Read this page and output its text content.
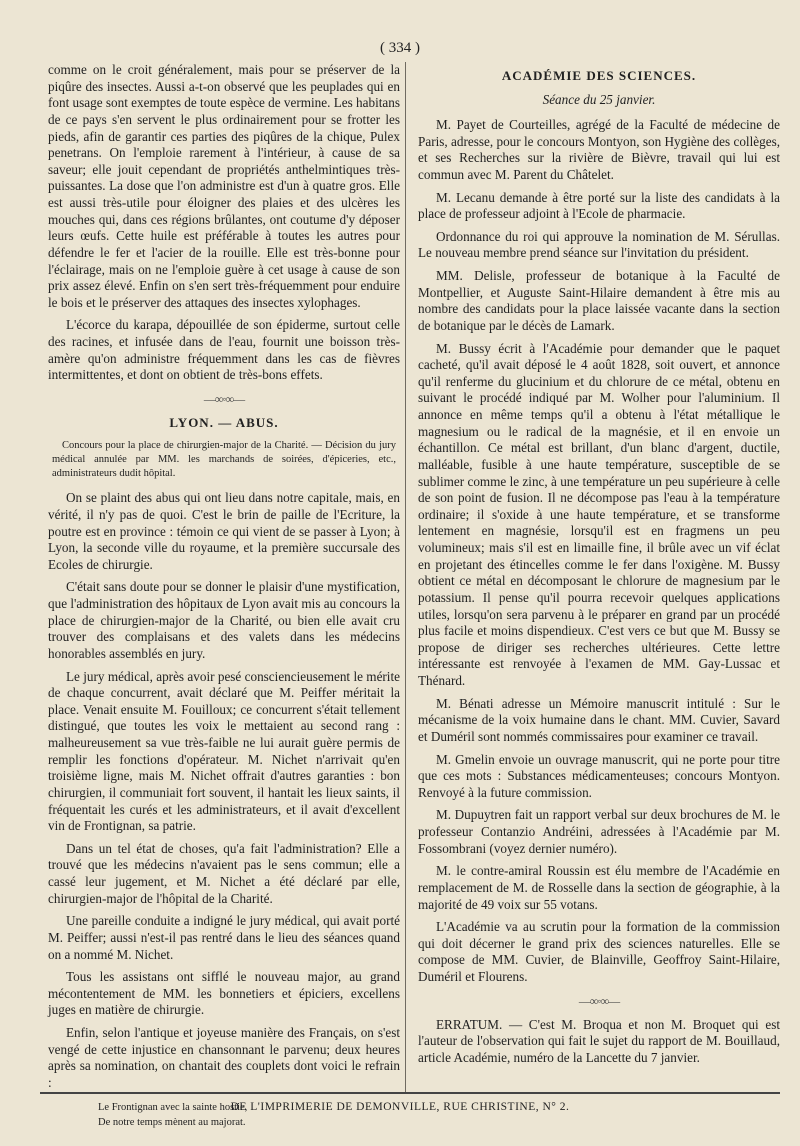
( 334 )

comme on le croit généralement, mais pour se préserver de la piqûre des insectes. Aussi a-t-on observé que les peuplades qui en font usage sont exemptes de toute espèce de vermine. Les habitans de ce pays s'en servent le plus ordinairement pour se frotter les pieds, afin de garantir ces parties des piqûres de la chique, Pulex penetrans. On l'emploie rarement à l'intérieur, à cause de sa saveur; elle jouit cependant de propriétés anthelmintiques très-puissantes. La dose que l'on administre est d'un à quatre gros. Elle est aussi très-utile pour éloigner des plaies et des ulcères les mouches qui, dans ces régions brûlantes, ont coutume d'y déposer leurs œufs. Cette huile est préférable à toutes les autres pour défendre le fer et l'acier de la rouille. Elle est très-bonne pour l'éclairage, mais on ne l'emploie guère à cet usage à cause de son prix assez élevé. Enfin on s'en sert très-fréquemment pour enduire le bois et le préserver des attaques des insectes xylophages.

L'écorce du karapa, dépouillée de son épiderme, surtout celle des racines, et infusée dans de l'eau, fournit une boisson très-amère qu'on administre fréquemment dans les cas de fièvres intermittentes, et dont on obtient de très-bons effets.

—∞◦∞—
LYON. — ABUS.
Concours pour la place de chirurgien-major de la Charité. — Décision du jury médical annulée par MM. les marchands de soirées, d'épiceries, etc., administrateurs dudit hôpital.

On se plaint des abus qui ont lieu dans notre capitale, mais, en vérité, il n'y pas de quoi. C'est le brin de paille de l'Ecriture, la poutre est en province : témoin ce qui vient de se passer à Lyon; à Lyon, la seconde ville du royaume, et la première succursale des Ecoles de chirurgie.

C'était sans doute pour se donner le plaisir d'une mystification, que l'administration des hôpitaux de Lyon avait mis au concours la place de chirurgien-major de la Charité, ou bien elle avait cru trouver des complaisans et des valets dans les médecins honorables assemblés en jury.

Le jury médical, après avoir pesé consciencieusement le mérite de chaque concurrent, avait déclaré que M. Peiffer méritait la place. Venait ensuite M. Fouilloux; ce concurrent s'était tellement distingué, que toutes les voix le mettaient au second rang : malheureusement sa vue très-faible ne lui aurait guère permis de remplir les fonctions d'opérateur. M. Nichet n'arrivait qu'en troisième ligne, mais M. Nichet offrait d'autres garanties : bon chirurgien, il communiait fort souvent, il hantait les lieux saints, il fréquentait les curés et les administrateurs, et il avait d'excellent vin de Frontignan, sa patrie.

Dans un tel état de choses, qu'a fait l'administration? Elle a trouvé que les médecins n'avaient pas le sens commun; elle a cassé leur jugement, et M. Nichet a été déclaré par elle, chirurgien-major de l'hôpital de la Charité.

Une pareille conduite a indigné le jury médical, qui avait porté M. Peiffer; aussi n'est-il pas rentré dans le lieu des séances quand on a nommé M. Nichet.

Tous les assistans ont sifflé le nouveau major, au grand mécontentement de MM. les bonnetiers et épiciers, excellens juges en matière de chirurgie.

Enfin, selon l'antique et joyeuse manière des Français, on s'est vengé de cette injustice en chansonnant le parvenu; deux heures après sa nomination, on chantait des couplets dont voici le refrain :

Le Frontignan avec la sainte hostie,
De notre temps mènent au majorat.
ACADÉMIE DES SCIENCES.
Séance du 25 janvier.

M. Payet de Courteilles, agrégé de la Faculté de médecine de Paris, adresse, pour le concours Montyon, son Hygiène des collèges, et ses Recherches sur la rivière de Bièvre, travail qui lui est commun avec M. Parent du Châtelet.

M. Lecanu demande à être porté sur la liste des candidats à la place de professeur adjoint à l'Ecole de pharmacie.

Ordonnance du roi qui approuve la nomination de M. Sérullas. Le nouveau membre prend séance sur l'invitation du président.

MM. Delisle, professeur de botanique à la Faculté de Montpellier, et Auguste Saint-Hilaire demandent à être mis au nombre des candidats pour la place laissée vacante dans la section de botanique par le décès de Lamark.

M. Bussy écrit à l'Académie pour demander que le paquet cacheté, qu'il avait déposé le 4 août 1828, soit ouvert, et annonce qu'il renferme du glucinium et du chlorure de ce métal, obtenu en suivant le procédé indiqué par M. Wolher pour l'aluminium. Il annonce en même temps qu'il a obtenu à l'état métallique le magnesium ou le radical de la magnésie, et il en envoie un échantillon. Ce métal est brillant, d'un blanc d'argent, ductile, malléable, fusible à une haute température, susceptible de se sublimer comme le zinc, à une température un peu supérieure à celle de son point de fusion. Il ne décompose pas l'eau à la température ordinaire; il s'oxide à une haute température, et se transforme lentement en magnésie, lorsqu'il est en fragmens un peu volumineux; mais s'il est en limaille fine, il brûle avec un vif éclat en projetant des étincelles comme le fer dans l'oxigène. M. Bussy obtient ce métal en décomposant le chlorure de magnesium par le potassium. Il pense qu'il pourra recevoir quelques applications utiles, lorsqu'on sera parvenu à le préparer en grand par un procédé plus facile et moins dispendieux. C'est vers ce but que M. Bussy se propose de diriger ses recherches ultérieures. Cette lettre intéressante est renvoyée à l'examen de MM. Gay-Lussac et Thénard.

M. Bénati adresse un Mémoire manuscrit intitulé : Sur le mécanisme de la voix humaine dans le chant. MM. Cuvier, Savard et Duméril sont nommés commissaires pour examiner ce travail.

M. Gmelin envoie un ouvrage manuscrit, qui ne porte pour titre que ces mots : Substances médicamenteuses; concours Montyon. Renvoyé à la future commission.

M. Dupuytren fait un rapport verbal sur deux brochures de M. le professeur Contanzio Andréini, adressées à l'Académie par M. Fossombrani (voyez dernier numéro).

M. le contre-amiral Roussin est élu membre de l'Académie en remplacement de M. de Rosselle dans la section de géographie, à la majorité de 49 voix sur 55 votans.

L'Académie va au scrutin pour la formation de la commission qui doit décerner le grand prix des sciences naturelles. Elle se compose de MM. Cuvier, de Blainville, Geoffroy Saint-Hilaire, Duméril et Flourens.

—∞◦∞—

ERRATUM. — C'est M. Broqua et non M. Broquet qui est l'auteur de l'observation qui fait le sujet du rapport de M. Bouillaud, article Académie, numéro de la Lancette du 7 janvier.

DE L'IMPRIMERIE DE DEMONVILLE, RUE CHRISTINE, N° 2.
